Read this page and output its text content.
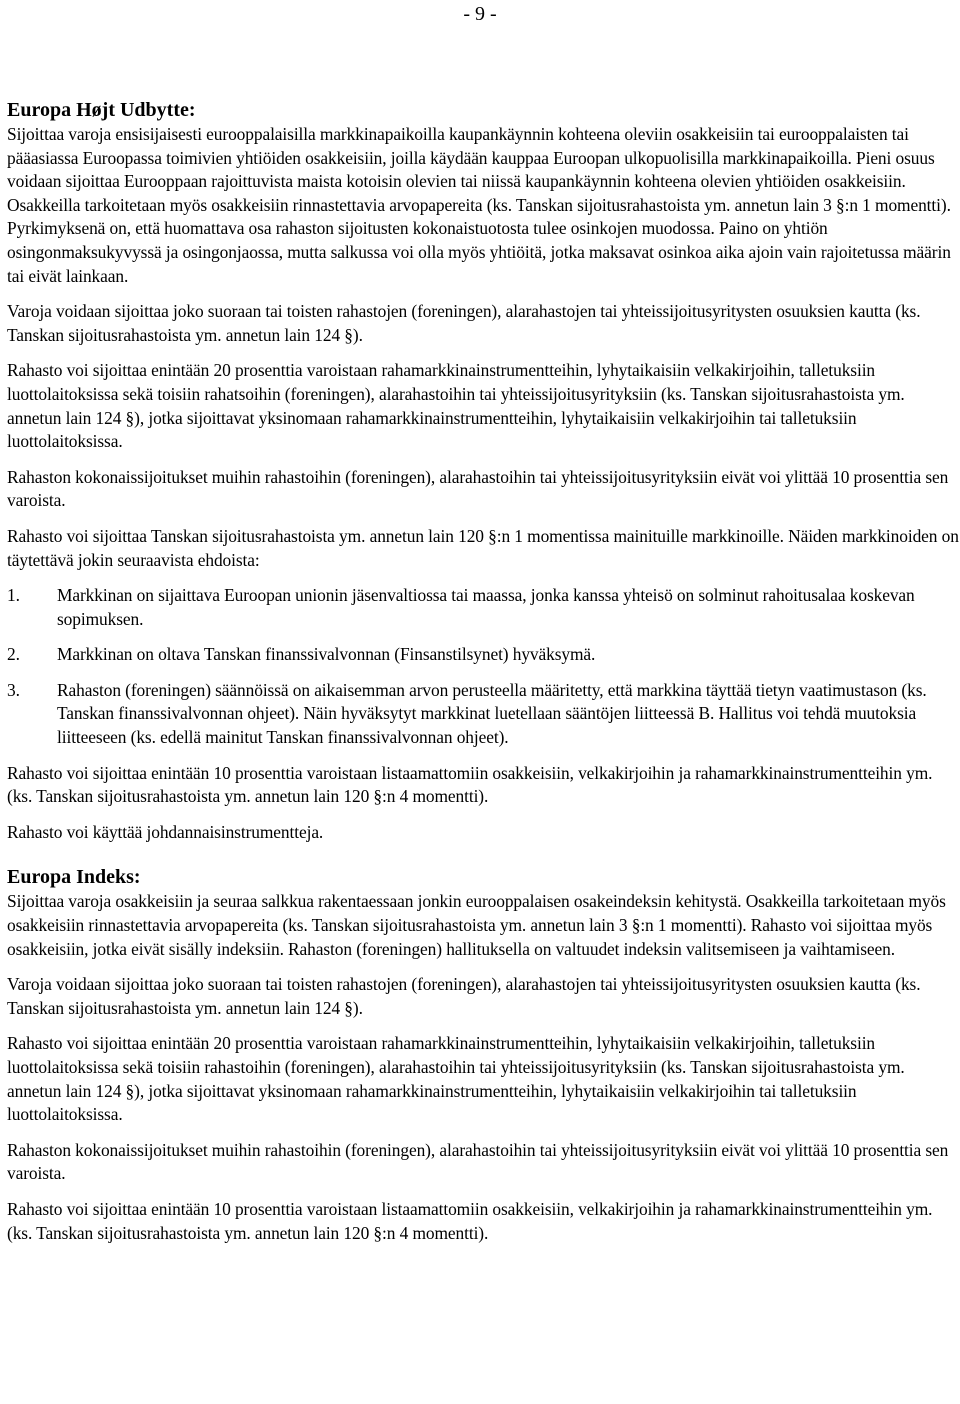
- 9 -
Europa Højt Udbytte:

Sijoittaa varoja ensisijaisesti eurooppalaisilla markkinapaikoilla kaupankäynnin kohteena oleviin osakkeisiin tai eurooppalaisten tai pääasiassa Euroopassa toimivien yhtiöiden osakkeisiin, joilla käydään kauppaa Euroopan ulkopuolisilla markkinapaikoilla. Pieni osuus voidaan sijoittaa Eurooppaan rajoittuvista maista kotoisin olevien tai niissä kaupankäynnin kohteena olevien yhtiöiden osakkeisiin. Osakkeilla tarkoitetaan myös osakkeisiin rinnastettavia arvopapereita (ks. Tanskan sijoitusrahastoista ym. annetun lain 3 §:n 1 momentti). Pyrkimyksenä on, että huomattava osa rahaston sijoitusten kokonaistuotosta tulee osinkojen muodossa. Paino on yhtiön osingonmaksukyvyssä ja osingonjaossa, mutta salkussa voi olla myös yhtiöitä, jotka maksavat osinkoa aika ajoin vain rajoitetussa määrin tai eivät lainkaan.

Varoja voidaan sijoittaa joko suoraan tai toisten rahastojen (foreningen), alarahastojen tai yhteissijoitusyritysten osuuksien kautta (ks. Tanskan sijoitusrahastoista ym. annetun lain 124 §).

Rahasto voi sijoittaa enintään 20 prosenttia varoistaan rahamarkkinainstrumentteihin, lyhytaikaisiin velkakirjoihin, talletuksiin luottolaitoksissa sekä toisiin rahatsoihin (foreningen), alarahastoihin tai yhteissijoitusyrityksiin (ks. Tanskan sijoitusrahastoista ym. annetun lain 124 §), jotka sijoittavat yksinomaan rahamarkkinainstrumentteihin, lyhytaikaisiin velkakirjoihin tai talletuksiin luottolaitoksissa.

Rahaston kokonaissijoitukset muihin rahastoihin (foreningen), alarahastoihin tai yhteissijoitusyrityksiin eivät voi ylittää 10 prosenttia sen varoista.

Rahasto voi sijoittaa Tanskan sijoitusrahastoista ym. annetun lain 120 §:n 1 momentissa mainituille markkinoille. Näiden markkinoiden on täytettävä jokin seuraavista ehdoista:

1. Markkinan on sijaittava Euroopan unionin jäsenvaltiossa tai maassa, jonka kanssa yhteisö on solminut rahoitusalaa koskevan sopimuksen.
2. Markkinan on oltava Tanskan finanssivalvonnan (Finsanstilsynet) hyväksymä.
3. Rahaston (foreningen) säännöissä on aikaisemman arvon perusteella määritetty, että markkina täyttää tietyn vaatimustason (ks. Tanskan finanssivalvonnan ohjeet). Näin hyväksytyt markkinat luetellaan sääntöjen liitteessä B. Hallitus voi tehdä muutoksia liitteeseen (ks. edellä mainitut Tanskan finanssivalvonnan ohjeet).

Rahasto voi sijoittaa enintään 10 prosenttia varoistaan listaamattomiin osakkeisiin, velkakirjoihin ja rahamarkkinainstrumentteihin ym. (ks. Tanskan sijoitusrahastoista ym. annetun lain 120 §:n 4 momentti).

Rahasto voi käyttää johdannaisinstrumentteja.

Europa Indeks:

Sijoittaa varoja osakkeisiin ja seuraa salkkua rakentaessaan jonkin eurooppalaisen osakeindeksin kehitystä. Osakkeilla tarkoitetaan myös osakkeisiin rinnastettavia arvopapereita (ks. Tanskan sijoitusrahastoista ym. annetun lain 3 §:n 1 momentti). Rahasto voi sijoittaa myös osakkeisiin, jotka eivät sisälly indeksiin. Rahaston (foreningen) hallituksella on valtuudet indeksin valitsemiseen ja vaihtamiseen.

Varoja voidaan sijoittaa joko suoraan tai toisten rahastojen (foreningen), alarahastojen tai yhteissijoitusyritysten osuuksien kautta (ks. Tanskan sijoitusrahastoista ym. annetun lain 124 §).

Rahasto voi sijoittaa enintään 20 prosenttia varoistaan rahamarkkinainstrumentteihin, lyhytaikaisiin velkakirjoihin, talletuksiin luottolaitoksissa sekä toisiin rahastoihin (foreningen), alarahastoihin tai yhteissijoitusyrityksiin (ks. Tanskan sijoitusrahastoista ym. annetun lain 124 §), jotka sijoittavat yksinomaan rahamarkkinainstrumentteihin, lyhytaikaisiin velkakirjoihin tai talletuksiin luottolaitoksissa.

Rahaston kokonaissijoitukset muihin rahastoihin (foreningen), alarahastoihin tai yhteissijoitusyrityksiin eivät voi ylittää 10 prosenttia sen varoista.

Rahasto voi sijoittaa enintään 10 prosenttia varoistaan listaamattomiin osakkeisiin, velkakirjoihin ja rahamarkkinainstrumentteihin ym. (ks. Tanskan sijoitusrahastoista ym. annetun lain 120 §:n 4 momentti).
